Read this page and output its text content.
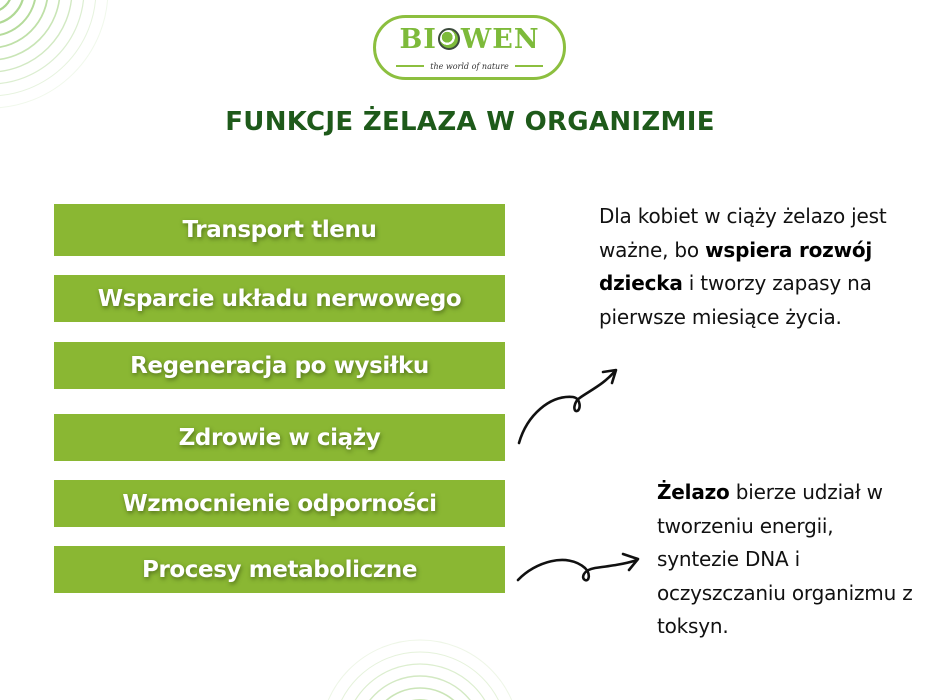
BI WEN
the world of nature
FUNKCJE ŻELAZA W ORGANIZMIE
Transport tlenu
Wsparcie układu nerwowego
Regeneracja po wysiłku
Zdrowie w ciąży
Wzmocnienie odporności
Procesy metaboliczne

Dla kobiet w ciąży żelazo jest ważne, bo wspiera rozwój dziecka i tworzy zapasy na pierwsze miesiące życia.

Żelazo bierze udział w tworzeniu energii, syntezie DNA i oczyszczaniu organizmu z toksyn.
